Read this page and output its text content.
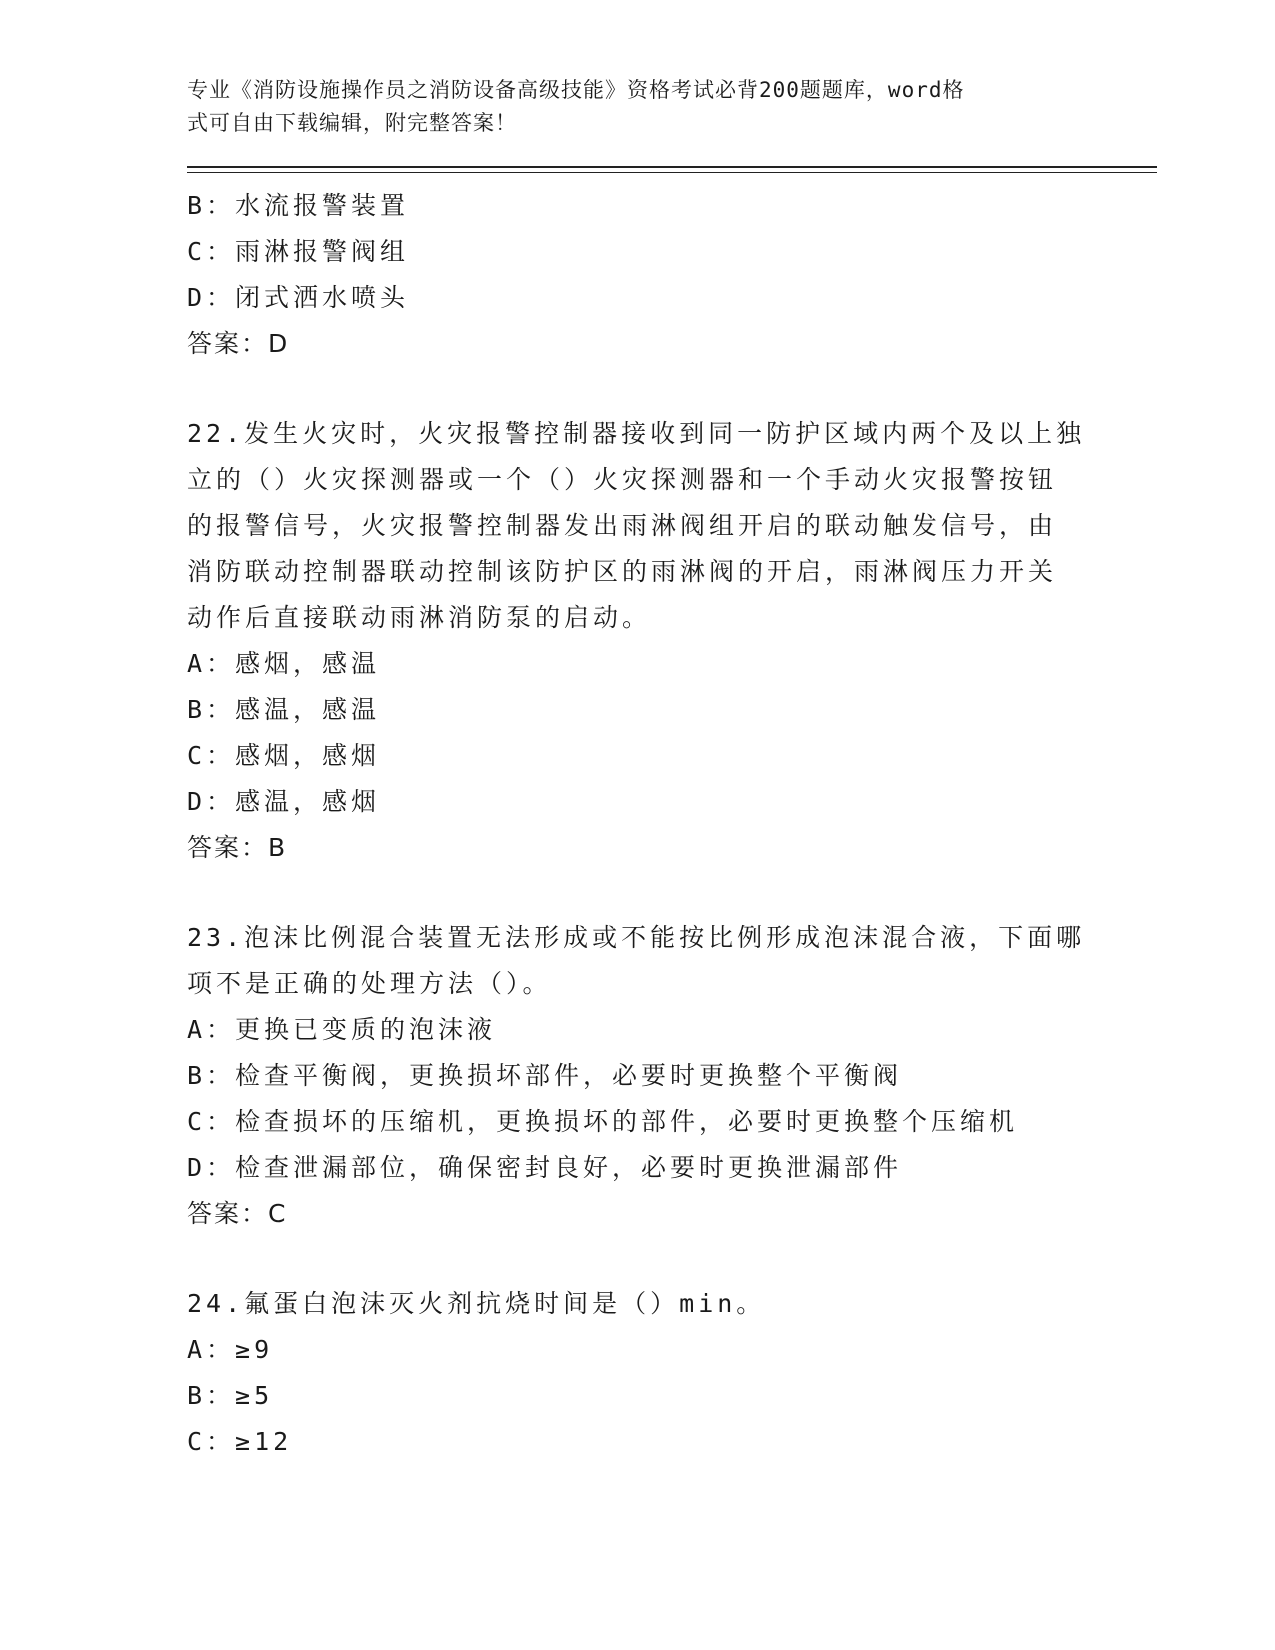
专业《消防设施操作员之消防设备高级技能》资格考试必背200题题库，word格
式可自由下载编辑，附完整答案！
B：水流报警装置
C：雨淋报警阀组
D：闭式洒水喷头
答案：D
22.发生火灾时，火灾报警控制器接收到同一防护区域内两个及以上独
立的（）火灾探测器或一个（）火灾探测器和一个手动火灾报警按钮
的报警信号，火灾报警控制器发出雨淋阀组开启的联动触发信号，由
消防联动控制器联动控制该防护区的雨淋阀的开启，雨淋阀压力开关
动作后直接联动雨淋消防泵的启动。
A：感烟，感温
B：感温，感温
C：感烟，感烟
D：感温，感烟
答案：B
23.泡沫比例混合装置无法形成或不能按比例形成泡沫混合液，下面哪
项不是正确的处理方法（）。
A：更换已变质的泡沫液
B：检查平衡阀，更换损坏部件，必要时更换整个平衡阀
C：检查损坏的压缩机，更换损坏的部件，必要时更换整个压缩机
D：检查泄漏部位，确保密封良好，必要时更换泄漏部件
答案：C
24.氟蛋白泡沫灭火剂抗烧时间是（）min。
A：≥9
B：≥5
C：≥12
